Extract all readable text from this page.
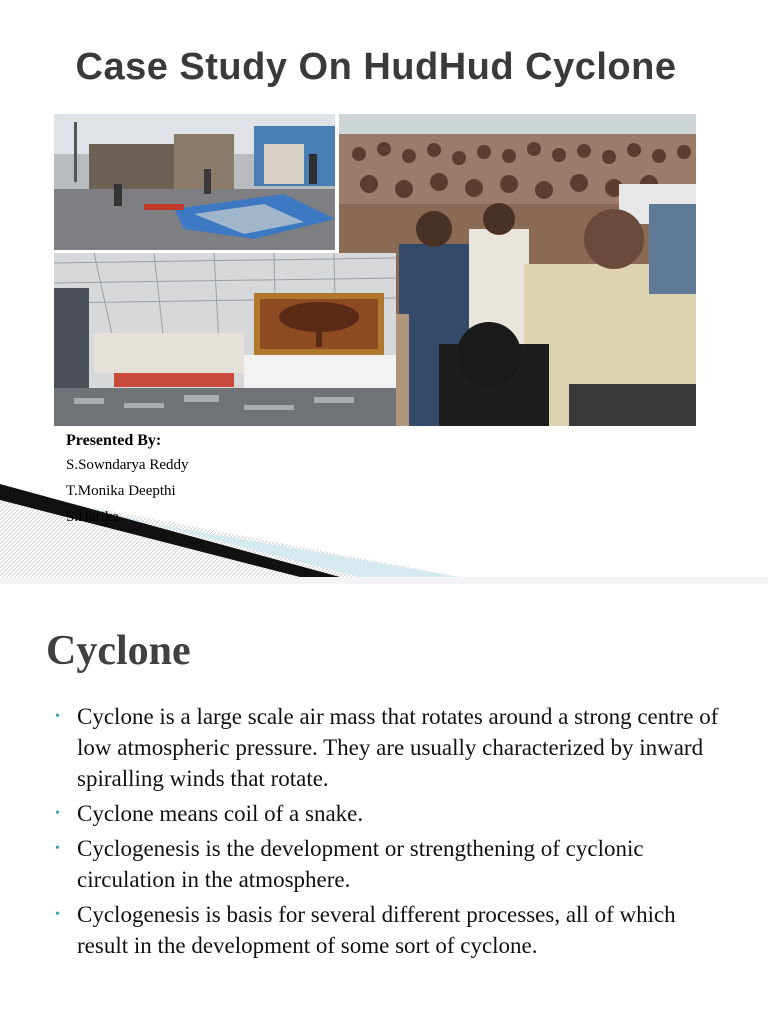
Case Study On HudHud Cyclone

Presented By:

S.Sowndarya Reddy

T.Monika Deepthi

S.Harika

Cyclone
• Cyclone is a large scale air mass that rotates around a strong centre of low atmospheric pressure. They are usually characterized by inward spiralling winds that rotate.
• Cyclone means coil of a snake.
• Cyclogenesis is the development or strengthening of cyclonic circulation in the atmosphere.
• Cyclogenesis is basis for several different processes, all of which result in the development of some sort of cyclone.
